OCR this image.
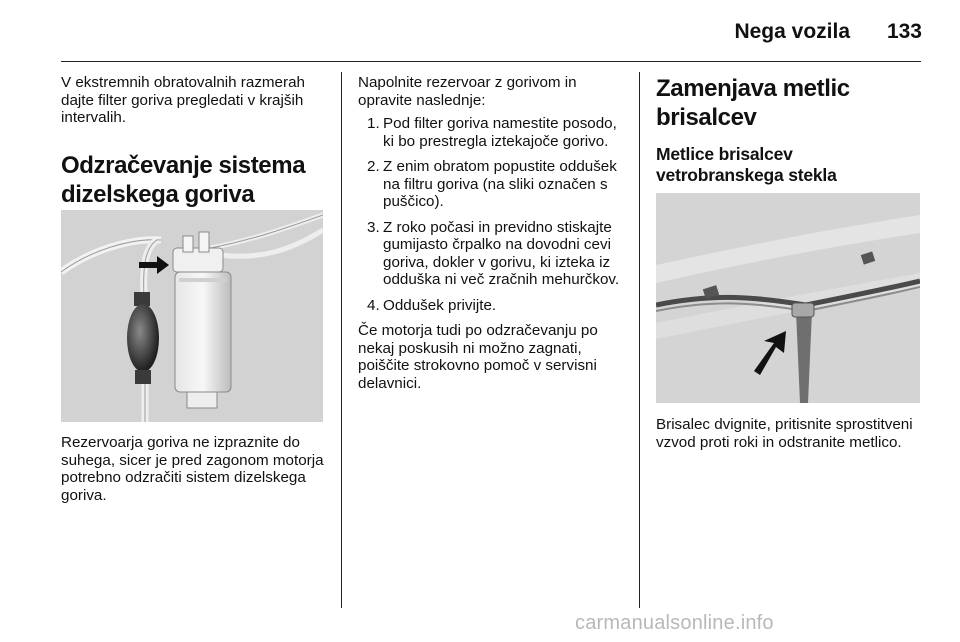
Nega vozila	133

V ekstremnih obratovalnih razmerah dajte filter goriva pregledati v krajših intervalih.

Odzračevanje sistema dizelskega goriva

Rezervoarja goriva ne izpraznite do suhega, sicer je pred zagonom motorja potrebno odzračiti sistem dizelskega goriva.

Napolnite rezervoar z gorivom in opravite naslednje:

1. Pod filter goriva namestite posodo, ki bo prestregla iztekajoče gorivo.
2. Z enim obratom popustite oddušek na filtru goriva (na sliki označen s puščico).
3. Z roko počasi in previdno stiskajte gumijasto črpalko na dovodni cevi goriva, dokler v gorivu, ki izteka iz odduška ni več zračnih mehurčkov.
4. Oddušek privijte.

Če motorja tudi po odzračevanju po nekaj poskusih ni možno zagnati, poiščite strokovno pomoč v servisni delavnici.

Zamenjava metlic brisalcev
Metlice brisalcev vetrobranskega stekla

Brisalec dvignite, pritisnite sprostitveni vzvod proti roki in odstranite metlico.

carmanualsonline.info
